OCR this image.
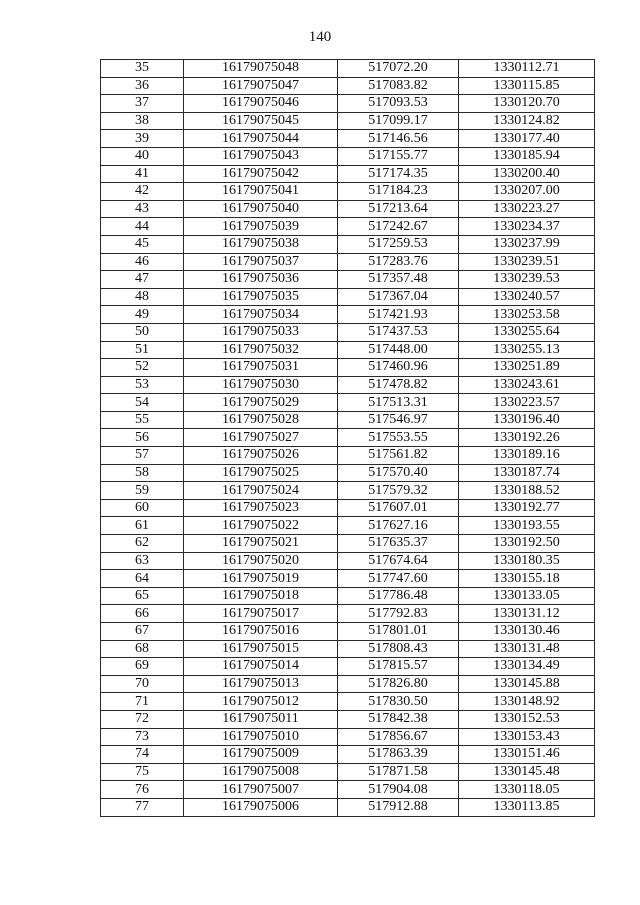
140
35	16179075048	517072.20	1330112.71
36	16179075047	517083.82	1330115.85
37	16179075046	517093.53	1330120.70
38	16179075045	517099.17	1330124.82
39	16179075044	517146.56	1330177.40
40	16179075043	517155.77	1330185.94
41	16179075042	517174.35	1330200.40
42	16179075041	517184.23	1330207.00
43	16179075040	517213.64	1330223.27
44	16179075039	517242.67	1330234.37
45	16179075038	517259.53	1330237.99
46	16179075037	517283.76	1330239.51
47	16179075036	517357.48	1330239.53
48	16179075035	517367.04	1330240.57
49	16179075034	517421.93	1330253.58
50	16179075033	517437.53	1330255.64
51	16179075032	517448.00	1330255.13
52	16179075031	517460.96	1330251.89
53	16179075030	517478.82	1330243.61
54	16179075029	517513.31	1330223.57
55	16179075028	517546.97	1330196.40
56	16179075027	517553.55	1330192.26
57	16179075026	517561.82	1330189.16
58	16179075025	517570.40	1330187.74
59	16179075024	517579.32	1330188.52
60	16179075023	517607.01	1330192.77
61	16179075022	517627.16	1330193.55
62	16179075021	517635.37	1330192.50
63	16179075020	517674.64	1330180.35
64	16179075019	517747.60	1330155.18
65	16179075018	517786.48	1330133.05
66	16179075017	517792.83	1330131.12
67	16179075016	517801.01	1330130.46
68	16179075015	517808.43	1330131.48
69	16179075014	517815.57	1330134.49
70	16179075013	517826.80	1330145.88
71	16179075012	517830.50	1330148.92
72	16179075011	517842.38	1330152.53
73	16179075010	517856.67	1330153.43
74	16179075009	517863.39	1330151.46
75	16179075008	517871.58	1330145.48
76	16179075007	517904.08	1330118.05
77	16179075006	517912.88	1330113.85
